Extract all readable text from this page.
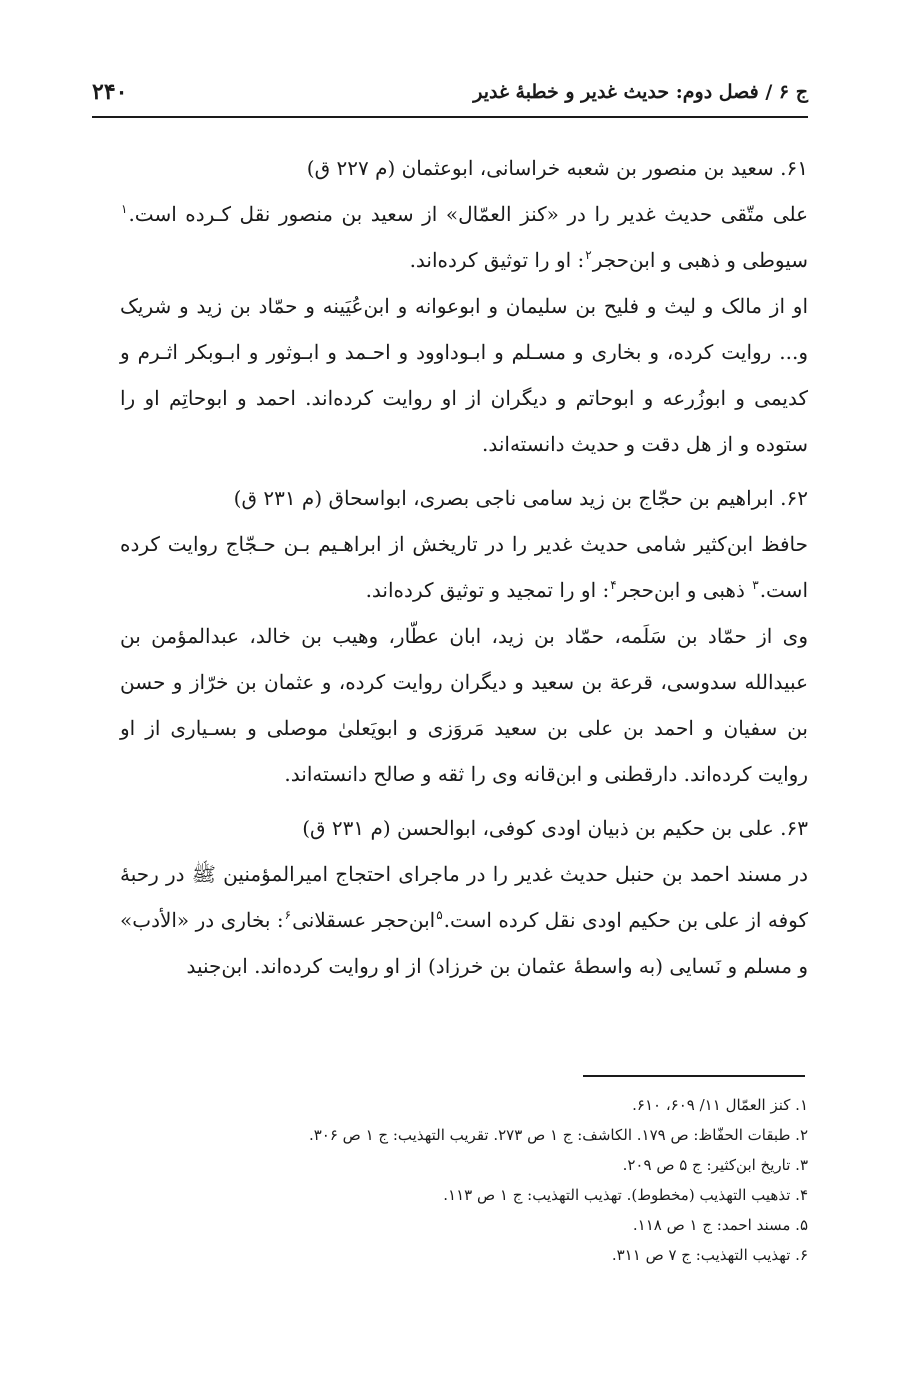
ج ۶ / فصل دوم: حدیث غدیر و خطبهٔ غدیر
۲۴۰

۶۱. سعید بن منصور بن شعبه خراسانی، ابوعثمان (م ۲۲۷ ق)

علی متّقی حدیث غدیر را در «کنز العمّال» از سعید بن منصور نقل کـرده است.$^۱$ سیوطی و ذهبی و ابن‌حجر$^۲$: او را توثیق کرده‌اند.

او از مالک و لیث و فلیح بن سلیمان و ابوعوانه و ابن‌عُیَینه و حمّاد بن زید و شریک و... روایت کرده، و بخاری و مسـلم و ابـوداوود و احـمد و ابـوثور و ابـوبکر اثـرم و کدیمی و ابوزُرعه و ابوحاتم و دیگران از او روایت کرده‌اند. احمد و ابوحاتِم او را ستوده و از هل دقت و حدیث دانسته‌اند.

۶۲. ابراهیم بن حجّاج بن زید سامی ناجی بصری، ابواسحاق (م ۲۳۱ ق)

حافظ ابن‌کثیر شامی حدیث غدیر را در تاریخش از ابراهـیم بـن حـجّاج روایت کرده است.$^۳$ ذهبی و ابن‌حجر$^۴$: او را تمجید و توثیق کرده‌اند.

وی از حمّاد بن سَلَمه، حمّاد بن زید، ابان عطّار، وهیب بن خالد، عبدالمؤمن بن عبیدالله سدوسی، قرعة بن سعید و دیگران روایت کرده، و عثمان بن خرّاز و حسن بن سفیان و احمد بن علی بن سعید مَروَزی و ابویَعلیٰ موصلی و بسـیاری از او روایت کرده‌اند. دارقطنی و ابن‌قانه وی را ثقه و صالح دانسته‌اند.

۶۳. علی بن حکیم بن ذبیان اودی کوفی، ابوالحسن (م ۲۳۱ ق)

در مسند احمد بن حنبل حدیث غدیر را در ماجرای احتجاج امیرالمؤمنین ﷺ در رحبهٔ کوفه از علی بن حکیم اودی نقل کرده است.$^۵$ابن‌حجر عسقلانی$^۶$: بخاری در «الأدب» و مسلم و نَسایی (به واسطهٔ عثمان بن خرزاد) از او روایت کرده‌اند. ابن‌جنید

۱. کنز العمّال ۱۱/ ۶۰۹، ۶۱۰.
۲. طبقات الحفّاظ: ص ۱۷۹. الکاشف: ج ۱ ص ۲۷۳. تقریب التهذیب: ج ۱ ص ۳۰۶.
۳. تاریخ ابن‌کثیر: ج ۵ ص ۲۰۹.
۴. تذهیب التهذیب (مخطوط). تهذیب التهذیب: ج ۱ ص ۱۱۳.
۵. مسند احمد: ج ۱ ص ۱۱۸.
۶. تهذیب التهذیب: ج ۷ ص ۳۱۱.
